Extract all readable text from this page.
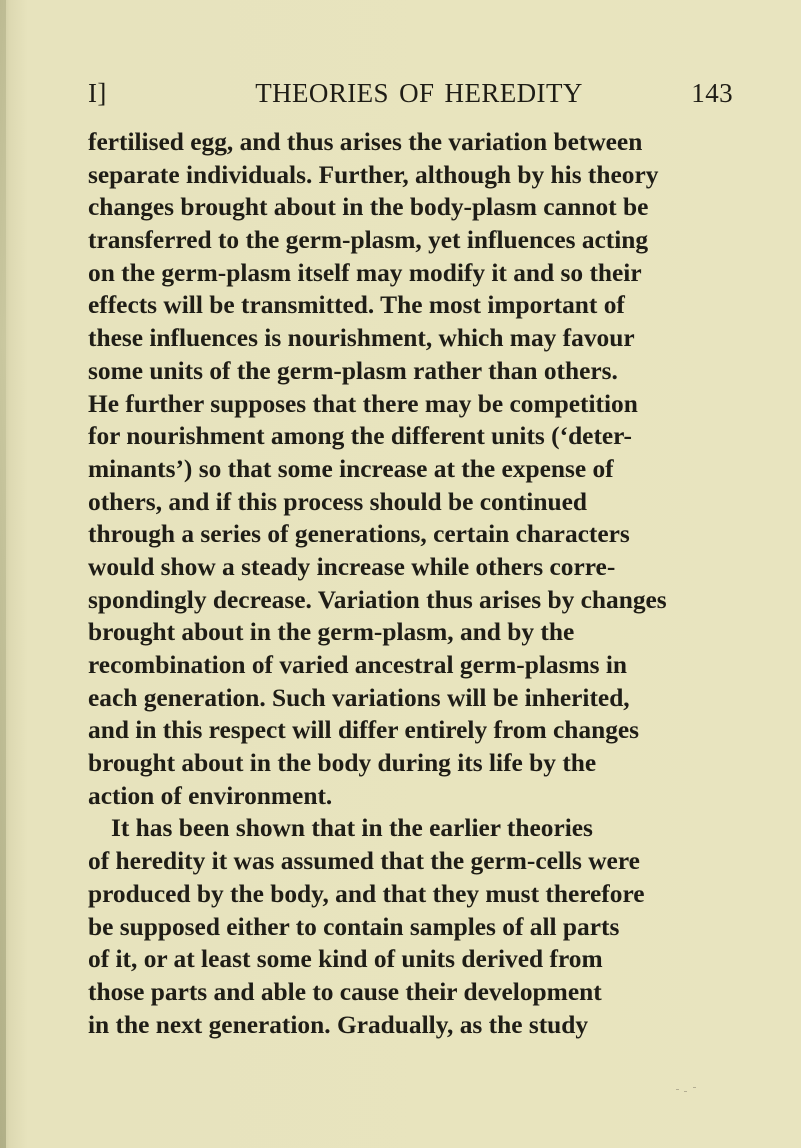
I]	THEORIES OF HEREDITY	143
fertilised egg, and thus arises the variation between
separate individuals. Further, although by his theory
changes brought about in the body-plasm cannot be
transferred to the germ-plasm, yet influences acting
on the germ-plasm itself may modify it and so their
effects will be transmitted. The most important of
these influences is nourishment, which may favour
some units of the germ-plasm rather than others.
He further supposes that there may be competition
for nourishment among the different units (‘deter-
minants’) so that some increase at the expense of
others, and if this process should be continued
through a series of generations, certain characters
would show a steady increase while others corre-
spondingly decrease. Variation thus arises by changes
brought about in the germ-plasm, and by the
recombination of varied ancestral germ-plasms in
each generation. Such variations will be inherited,
and in this respect will differ entirely from changes
brought about in the body during its life by the
action of environment.
It has been shown that in the earlier theories
of heredity it was assumed that the germ-cells were
produced by the body, and that they must therefore
be supposed either to contain samples of all parts
of it, or at least some kind of units derived from
those parts and able to cause their development
in the next generation. Gradually, as the study
